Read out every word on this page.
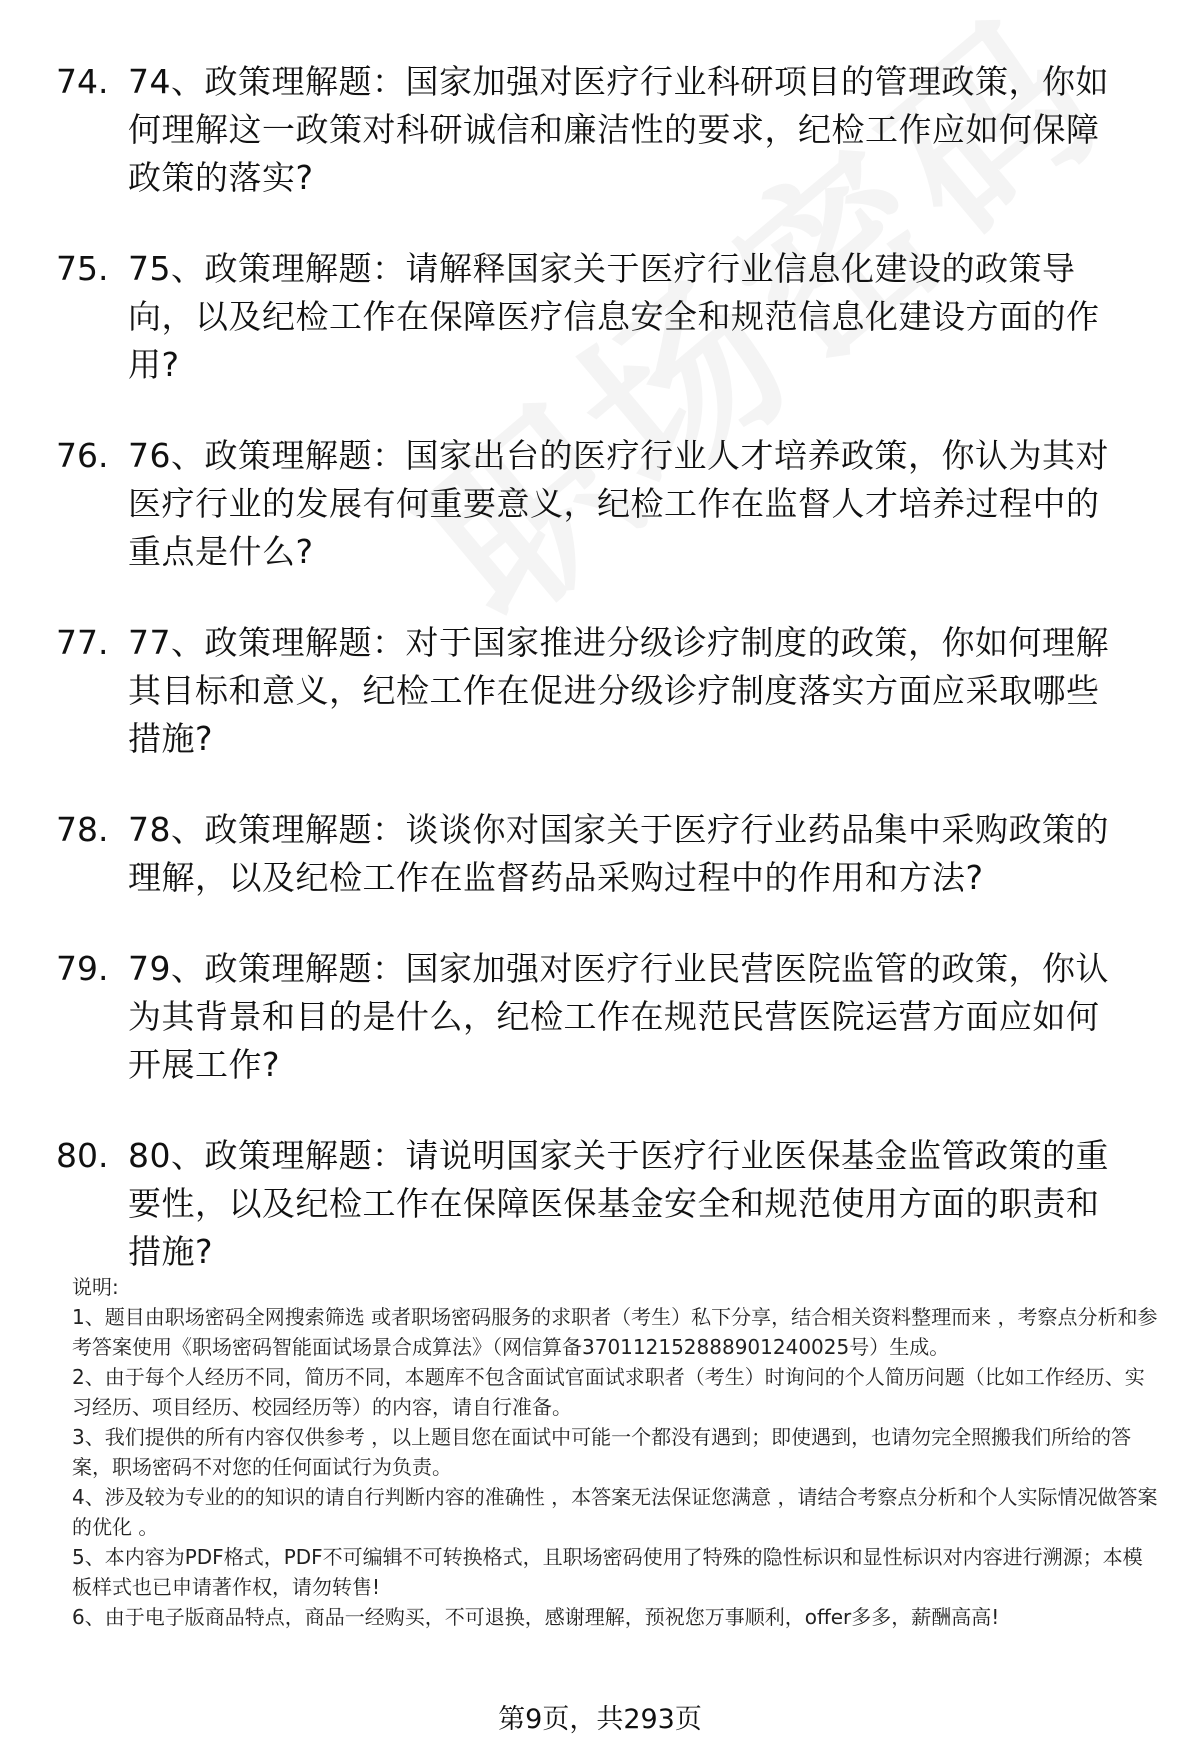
74. 74、政策理解题：国家加强对医疗行业科研项目的管理政策，你如何理解这一政策对科研诚信和廉洁性的要求，纪检工作应如何保障政策的落实?
75. 75、政策理解题：请解释国家关于医疗行业信息化建设的政策导向，以及纪检工作在保障医疗信息安全和规范信息化建设方面的作用?
76. 76、政策理解题：国家出台的医疗行业人才培养政策，你认为其对医疗行业的发展有何重要意义，纪检工作在监督人才培养过程中的重点是什么?
77. 77、政策理解题：对于国家推进分级诊疗制度的政策，你如何理解其目标和意义，纪检工作在促进分级诊疗制度落实方面应采取哪些措施?
78. 78、政策理解题：谈谈你对国家关于医疗行业药品集中采购政策的理解，以及纪检工作在监督药品采购过程中的作用和方法?
79. 79、政策理解题：国家加强对医疗行业民营医院监管的政策，你认为其背景和目的是什么，纪检工作在规范民营医院运营方面应如何开展工作?
80. 80、政策理解题：请说明国家关于医疗行业医保基金监管政策的重要性，以及纪检工作在保障医保基金安全和规范使用方面的职责和措施?

说明:

1、题目由职场密码全网搜索筛选 或者职场密码服务的求职者（考生）私下分享，结合相关资料整理而来 ，考察点分析和参考答案使用《职场密码智能面试场景合成算法》（网信算备3701121528889012400​25号）生成。

2、由于每个人经历不同，简历不同，本题库不包含面试官面试求职者（考生）时询问的个人简历问题（比如工作经历、实习经历、项目经历、校园经历等）的内容，请自行准备。

3、我们提供的所有内容仅供参考 ，以上题目您在面试中可能一个都没有遇到；即使遇到，也请勿完全照搬我们所给的答案，职场密码不对您的任何面试行为负责。

4、涉及较为专业的的知识的请自行判断内容的准确性 ，本答案无法保证您满意 ，请结合考察点分析和个人实际情况做答案的优化 。

5、本内容为PDF格式，PDF不可编辑不可转换格式，且职场密码使用了特殊的隐性标识和显性标识对内容进行溯源；本模板样式也已申请著作权，请勿转售!

6、由于电子版商品特点，商品一经购买，不可退换，感谢理解，预祝您万事顺利，offer多多，薪酬高高!

第9页，共293页
